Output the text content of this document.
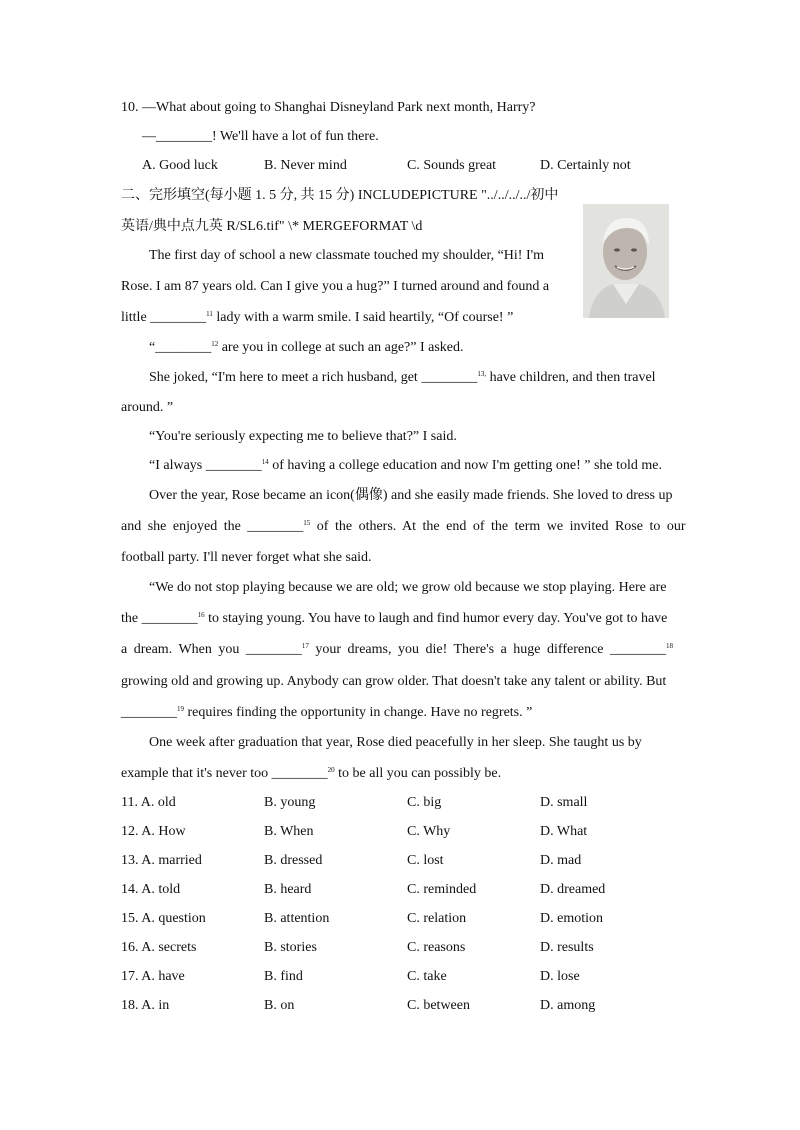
10. —What about going to Shanghai Disneyland Park next month, Harry?
—________! We'll have a lot of fun there.
A. Good luck	B. Never mind	C. Sounds great	D. Certainly not
二、完形填空(每小题 1. 5 分, 共 15 分) INCLUDEPICTURE "../../../../初中
英语/典中点九英 R/SL6.tif" \* MERGEFORMAT \d
The first day of school a new classmate touched my shoulder, “Hi! I'm
Rose. I am 87 years old. Can I give you a hug?” I turned around and found a
little ________$^{11}$ lady with a warm smile. I said heartily, “Of course! ”
“________$^{12}$ are you in college at such an age?” I asked.
She joked, “I'm here to meet a rich husband, get ________$^{13,}$ have children, and then travel
around. ”
“You're seriously expecting me to believe that?” I said.
“I always ________$^{14}$ of having a college education and now I'm getting one! ” she told me.
Over the year, Rose became an icon(偶像) and she easily made friends. She loved to dress up
and she enjoyed the ________$^{15}$ of the others. At the end of the term we invited Rose to our
football party. I'll never forget what she said.
“We do not stop playing because we are old; we grow old because we stop playing. Here are
the ________$^{16}$ to staying young. You have to laugh and find humor every day. You've got to have
a dream. When you ________$^{17}$ your dreams, you die! There's a huge difference ________$^{18}$
growing old and growing up. Anybody can grow older. That doesn't take any talent or ability. But
________$^{19}$ requires finding the opportunity in change. Have no regrets. ”
One week after graduation that year, Rose died peacefully in her sleep. She taught us by
example that it's never too ________$^{20}$ to be all you can possibly be.
11. A. old	B. young	C. big	D. small
12. A. How	B. When	C. Why	D. What
13. A. married	B. dressed	C. lost	D. mad
14. A. told	B. heard	C. reminded	D. dreamed
15. A. question	B. attention	C. relation	D. emotion
16. A. secrets	B. stories	C. reasons	D. results
17. A. have	B. find	C. take	D. lose
18. A. in	B. on	C. between	D. among
